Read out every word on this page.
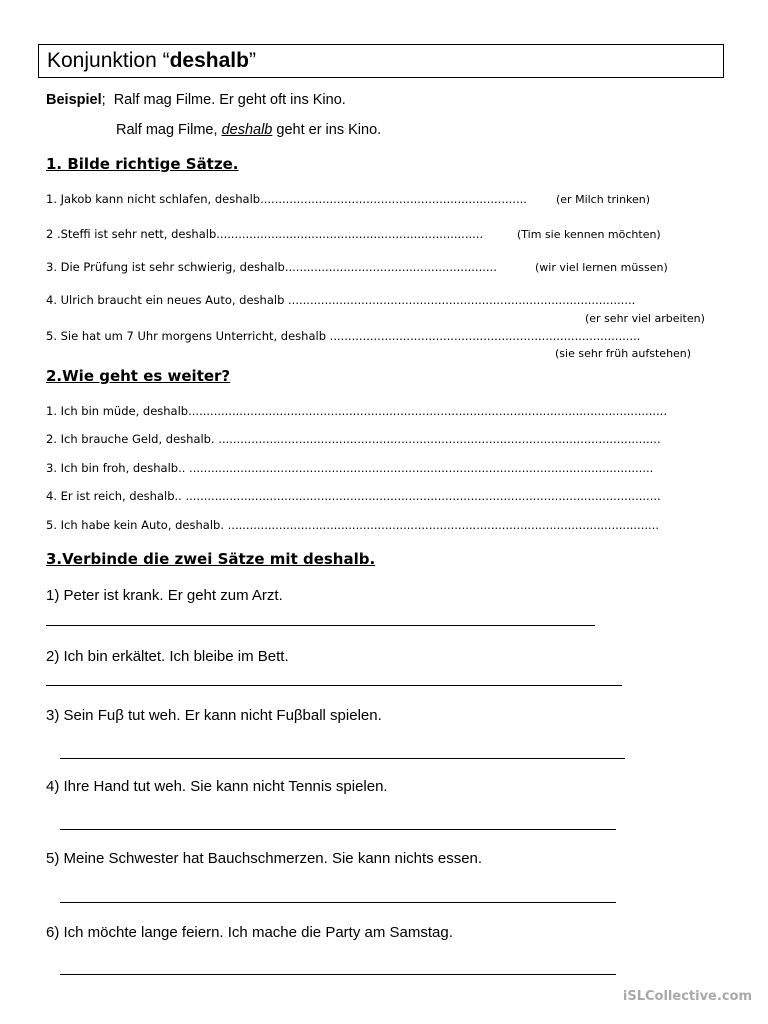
Konjunktion “deshalb”
Beispiel; Ralf mag Filme. Er geht oft ins Kino.
Ralf mag Filme, deshalb geht er ins Kino.
1. Bilde richtige Sätze.
1. Jakob kann nicht schlafen, deshalb.........................................................................	(er Milch trinken)
2 .Steffi ist sehr nett, deshalb.........................................................................	(Tim sie kennen möchten)
3. Die Prüfung ist sehr schwierig, deshalb..........................................................	(wir viel lernen müssen)
4. Ulrich braucht ein neues Auto, deshalb ...............................................................................................
(er sehr viel arbeiten)
5. Sie hat um 7 Uhr morgens Unterricht, deshalb .....................................................................................
(sie sehr früh aufstehen)
2.Wie geht es weiter?
1. Ich bin müde, deshalb...................................................................................................................................
2. Ich brauche Geld, deshalb. .........................................................................................................................
3. Ich bin froh, deshalb.. ...............................................................................................................................
4. Er ist reich, deshalb.. ..................................................................................................................................
5. Ich habe kein Auto, deshalb. ......................................................................................................................
3.Verbinde die zwei Sätze mit deshalb.
1) Peter ist krank. Er geht zum Arzt.
2) Ich bin erkältet. Ich bleibe im Bett.
3) Sein Fuβ tut weh. Er kann nicht Fuβball spielen.
4) Ihre Hand tut weh. Sie kann nicht Tennis spielen.
5) Meine Schwester hat Bauchschmerzen. Sie kann nichts essen.
6) Ich möchte lange feiern. Ich mache die Party am Samstag.
iSLCollective.com
